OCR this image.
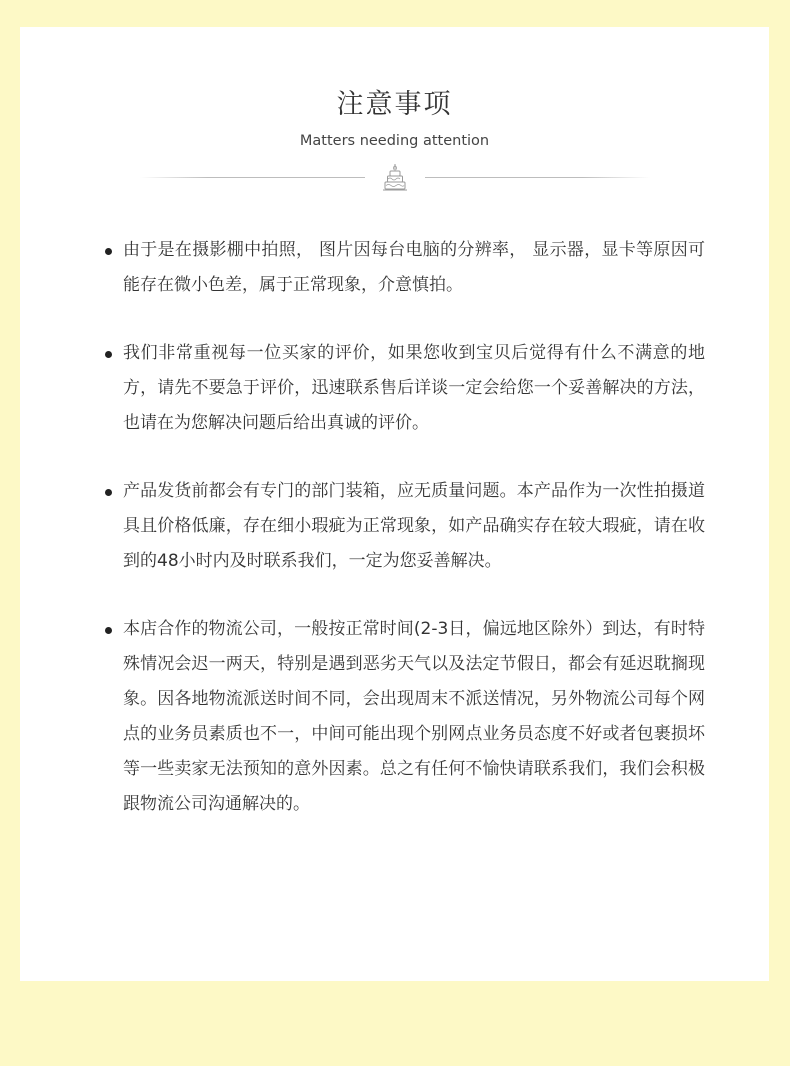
注意事项
Matters needing attention
由于是在摄影棚中拍照， 图片因每台电脑的分辨率， 显示器，显卡等原因可能存在微小色差，属于正常现象，介意慎拍。
我们非常重视每一位买家的评价，如果您收到宝贝后觉得有什么不满意的地方，请先不要急于评价，迅速联系售后详谈一定会给您一个妥善解决的方法，也请在为您解决问题后给出真诚的评价。
产品发货前都会有专门的部门装箱，应无质量问题。本产品作为一次性拍摄道具且价格低廉，存在细小瑕疵为正常现象，如产品确实存在较大瑕疵，请在收到的48小时内及时联系我们，一定为您妥善解决。
本店合作的物流公司，一般按正常时间(2-3日，偏远地区除外）到达，有时特殊情况会迟一两天，特别是遇到恶劣天气以及法定节假日，都会有延迟耽搁现象。因各地物流派送时间不同，会出现周末不派送情况，另外物流公司每个网点的业务员素质也不一，中间可能出现个别网点业务员态度不好或者包裹损坏等一些卖家无法预知的意外因素。总之有任何不愉快请联系我们，我们会积极跟物流公司沟通解决的。
